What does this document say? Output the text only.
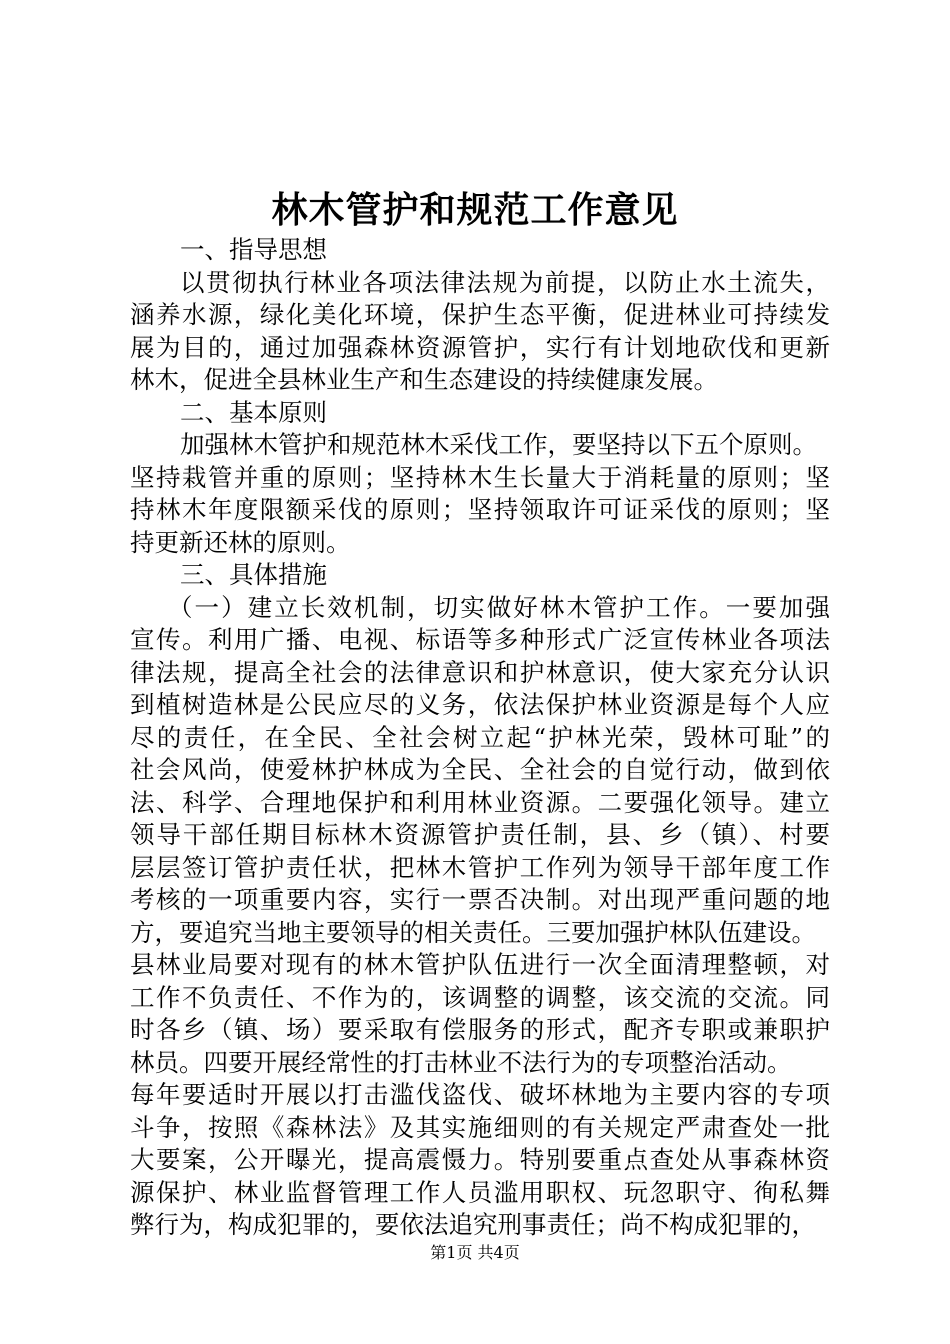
林木管护和规范工作意见
一、指导思想
以贯彻执行林业各项法律法规为前提，以防止水土流失，
涵养水源，绿化美化环境，保护生态平衡，促进林业可持续发
展为目的，通过加强森林资源管护，实行有计划地砍伐和更新
林木，促进全县林业生产和生态建设的持续健康发展。
二、基本原则
加强林木管护和规范林木采伐工作，要坚持以下五个原则。
坚持栽管并重的原则；坚持林木生长量大于消耗量的原则；坚
持林木年度限额采伐的原则；坚持领取许可证采伐的原则；坚
持更新还林的原则。
三、具体措施
（一）建立长效机制，切实做好林木管护工作。一要加强
宣传。利用广播、电视、标语等多种形式广泛宣传林业各项法
律法规，提高全社会的法律意识和护林意识，使大家充分认识
到植树造林是公民应尽的义务，依法保护林业资源是每个人应
尽的责任，在全民、全社会树立起“护林光荣，毁林可耻”的
社会风尚，使爱林护林成为全民、全社会的自觉行动，做到依
法、科学、合理地保护和利用林业资源。二要强化领导。建立
领导干部任期目标林木资源管护责任制，县、乡（镇）、村要
层层签订管护责任状，把林木管护工作列为领导干部年度工作
考核的一项重要内容，实行一票否决制。对出现严重问题的地
方，要追究当地主要领导的相关责任。三要加强护林队伍建设。
县林业局要对现有的林木管护队伍进行一次全面清理整顿，对
工作不负责任、不作为的，该调整的调整，该交流的交流。同
时各乡（镇、场）要采取有偿服务的形式，配齐专职或兼职护
林员。四要开展经常性的打击林业不法行为的专项整治活动。
每年要适时开展以打击滥伐盗伐、破坏林地为主要内容的专项
斗争，按照《森林法》及其实施细则的有关规定严肃查处一批
大要案，公开曝光，提高震慑力。特别要重点查处从事森林资
源保护、林业监督管理工作人员滥用职权、玩忽职守、徇私舞
弊行为，构成犯罪的，要依法追究刑事责任；尚不构成犯罪的，
第1页 共4页
